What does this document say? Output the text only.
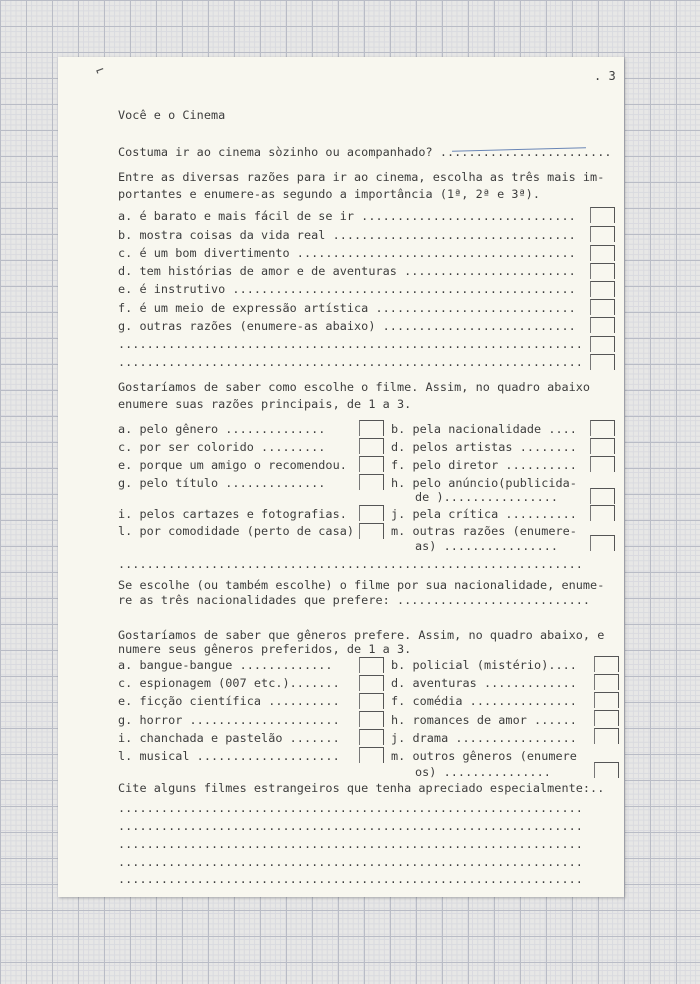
⌐	. 3
Você e o Cinema
Costuma ir ao cinema sòzinho ou acompanhado? ........................
Entre as diversas razões para ir ao cinema, escolha as três mais im-
portantes e enumere-as segundo a importância (1ª, 2ª e 3ª).
a. é barato e mais fácil de se ir ..............................
b. mostra coisas da vida real ..................................
c. é um bom divertimento .......................................
d. tem histórias de amor e de aventuras ........................
e. é instrutivo ................................................
f. é um meio de expressão artística ............................
g. outras razões (enumere-as abaixo) ...........................
.................................................................
.................................................................
Gostaríamos de saber como escolhe o filme. Assim, no quadro abaixo
enumere suas razões principais, de 1 a 3.
a. pelo gênero ..............
c. por ser colorido .........
e. porque um amigo o recomendou.
g. pelo título ..............
i. pelos cartazes e fotografias.
l. por comodidade (perto de casa)
b. pela nacionalidade ....
d. pelos artistas ........
f. pelo diretor ..........
h. pelo anúncio(publicida-
de )................
j. pela crítica ..........
m. outras razões (enumere-
as) ................
.................................................................
Se escolhe (ou também escolhe) o filme por sua nacionalidade, enume-
re as três nacionalidades que prefere: ...........................
Gostaríamos de saber que gêneros prefere. Assim, no quadro abaixo, e
numere seus gêneros preferidos, de 1 a 3.
a. bangue-bangue .............
c. espionagem (007 etc.).......
e. ficção científica ..........
g. horror .....................
i. chanchada e pastelão .......
l. musical ....................
b. policial (mistério)....
d. aventuras .............
f. comédia ...............
h. romances de amor ......
j. drama .................
m. outros gêneros (enumere
os) ...............
Cite alguns filmes estrangeiros que tenha apreciado especialmente:..
.................................................................
.................................................................
.................................................................
.................................................................
.................................................................
